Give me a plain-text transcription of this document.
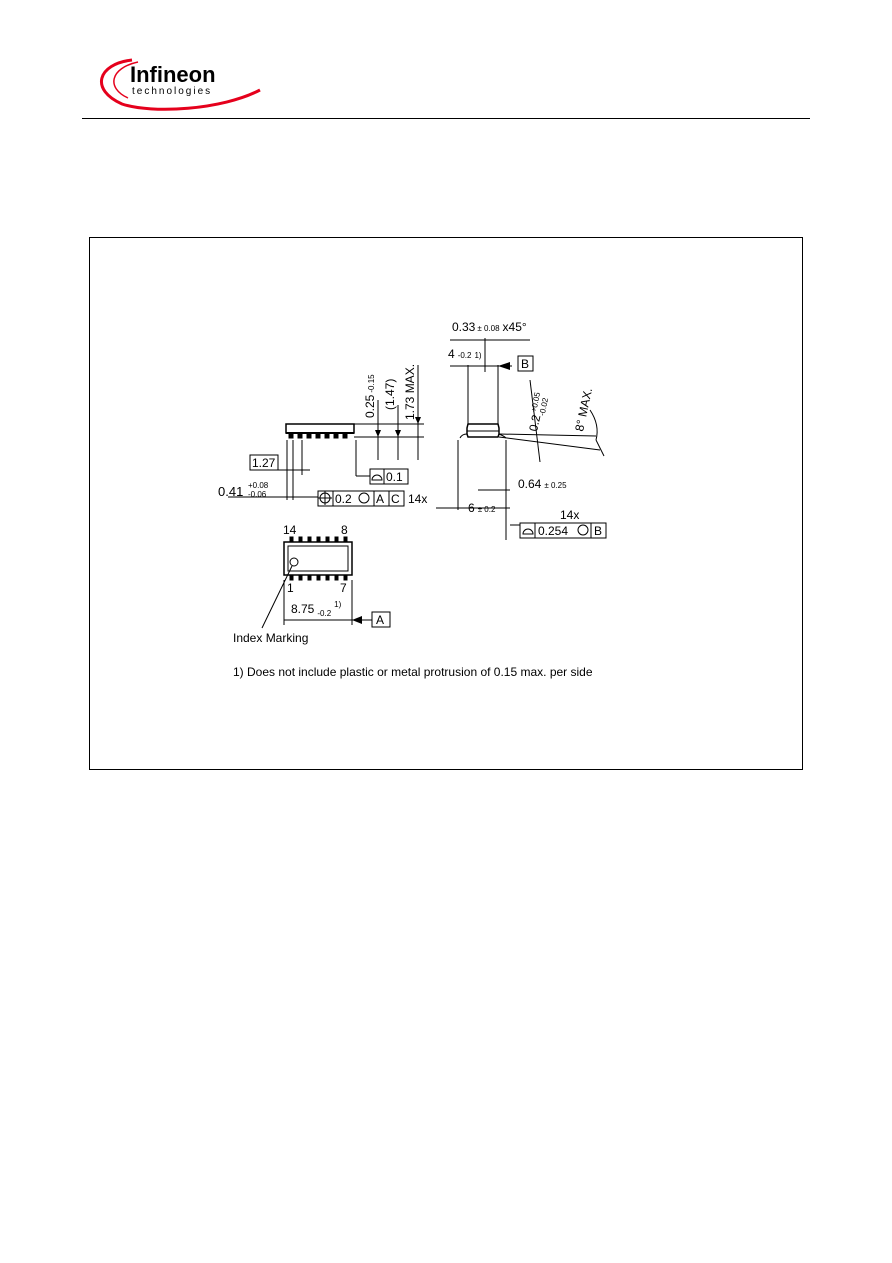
Infineon
technologies
1.27
0.41 +0.08
-0.06	0.2 A C 14x
0.1
0.25-0.15 (1.47) 1.73 MAX.
0.33 ± 0.08 x45°
4 -0.2 1)
B
$0.2^{+0.05}-0.02$ 8° MAX.
0.64 ± 0.25
6 ± 0.2	14x
0.254 B
14	8
1	7
8.75 $_{-0.2}^{1)}$
A
Index Marking
1) Does not include plastic or metal protrusion of 0.15 max. per side
